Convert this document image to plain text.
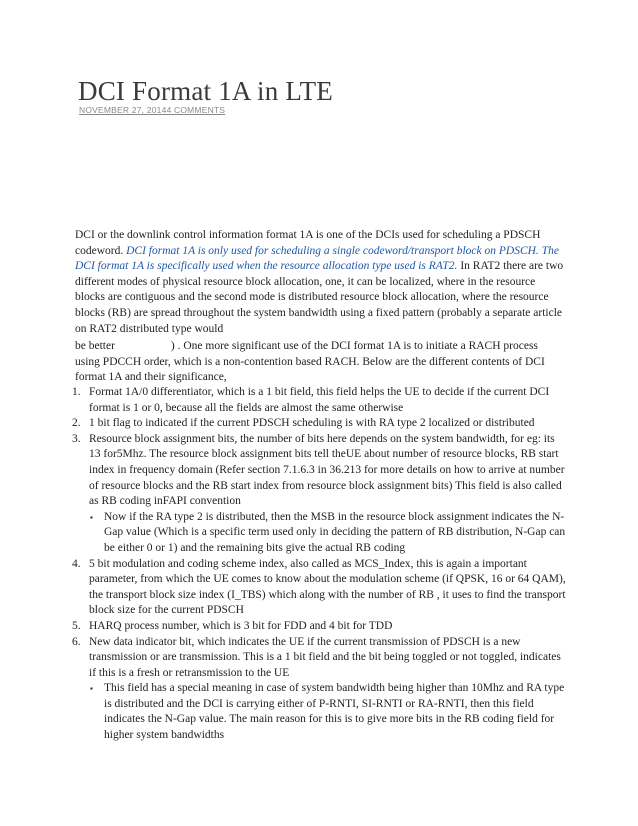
DCI Format 1A in LTE
NOVEMBER 27, 20144 COMMENTS

DCI or the downlink control information format 1A is one of the DCIs used for scheduling a PDSCH codeword. DCI format 1A is only used for scheduling a single codeword/transport block on PDSCH. The DCI format 1A is specifically used when the resource allocation type used is RAT2. In RAT2 there are two different modes of physical resource block allocation, one, it can be localized, where in the resource blocks are contiguous and the second mode is distributed resource block allocation, where the resource blocks (RB) are spread throughout the system bandwidth using a fixed pattern (probably a separate article on RAT2 distributed type would

be better	) . One more significant use of the DCI format 1A is to initiate a RACH process using PDCCH order, which is a non-contention based RACH. Below are the different contents of DCI format 1A and their significance,

1. Format 1A/0 differentiator, which is a 1 bit field, this field helps the UE to decide if the current DCI format is 1 or 0, because all the fields are almost the same otherwise
2. 1 bit flag to indicated if the current PDSCH scheduling is with RA type 2 localized or distributed
3. Resource block assignment bits, the number of bits here depends on the system bandwidth, for eg: its 13 for5Mhz. The resource block assignment bits tell theUE about number of resource blocks, RB start index in frequency domain (Refer section 7.1.6.3 in 36.213 for more details on how to arrive at number of resource blocks and the RB start index from resource block assignment bits) This field is also called as RB coding inFAPI convention
▪ Now if the RA type 2 is distributed, then the MSB in the resource block assignment indicates the N-Gap value (Which is a specific term used only in deciding the pattern of RB distribution, N-Gap can be either 0 or 1) and the remaining bits give the actual RB coding
4. 5 bit modulation and coding scheme index, also called as MCS_Index, this is again a important parameter, from which the UE comes to know about the modulation scheme (if QPSK, 16 or 64 QAM), the transport block size index (I_TBS) which along with the number of RB , it uses to find the transport block size for the current PDSCH
5. HARQ process number, which is 3 bit for FDD and 4 bit for TDD
6. New data indicator bit, which indicates the UE if the current transmission of PDSCH is a new transmission or are transmission. This is a 1 bit field and the bit being toggled or not toggled, indicates if this is a fresh or retransmission to the UE
▪ This field has a special meaning in case of system bandwidth being higher than 10Mhz and RA type is distributed and the DCI is carrying either of P-RNTI, SI-RNTI or RA-RNTI, then this field indicates the N-Gap value. The main reason for this is to give more bits in the RB coding field for higher system bandwidths
